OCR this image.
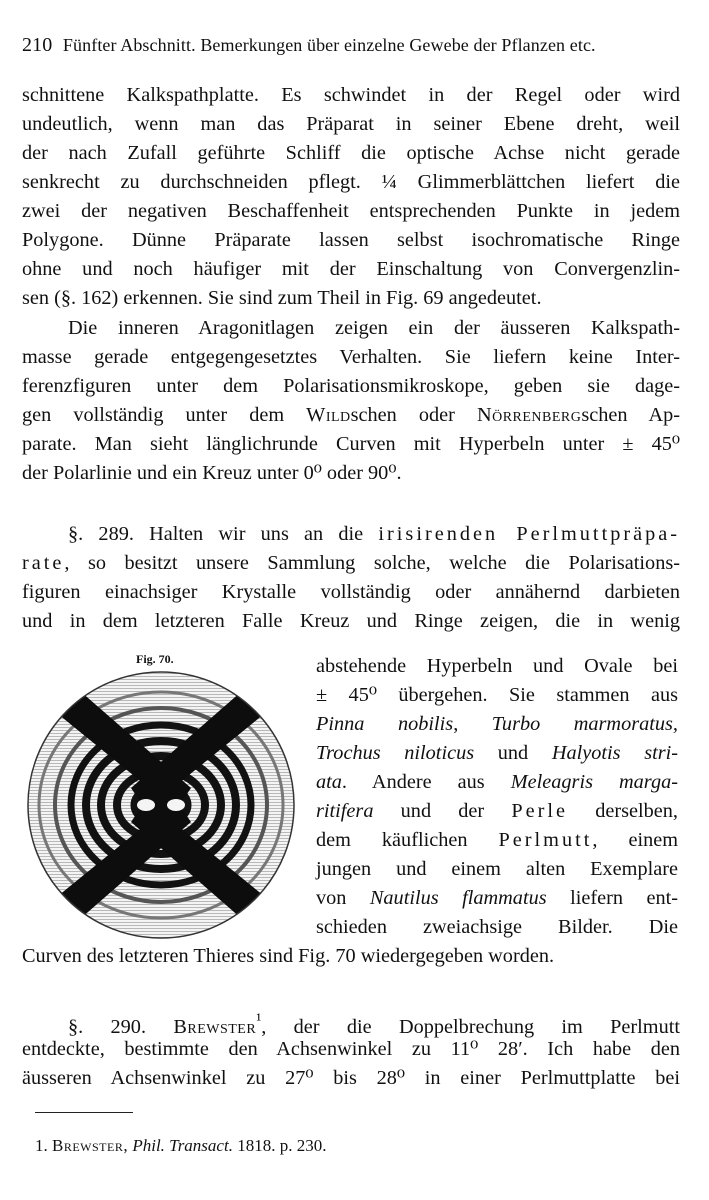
210 Fünfter Abschnitt. Bemerkungen über einzelne Gewebe der Pflanzen etc.
schnittene Kalkspathplatte. Es schwindet in der Regel oder wird
undeutlich, wenn man das Präparat in seiner Ebene dreht, weil
der nach Zufall geführte Schliff die optische Achse nicht gerade
senkrecht zu durchschneiden pflegt. ¼ Glimmerblättchen liefert die
zwei der negativen Beschaffenheit entsprechenden Punkte in jedem
Polygone. Dünne Präparate lassen selbst isochromatische Ringe
ohne und noch häufiger mit der Einschaltung von Convergenzlin-
sen (§. 162) erkennen. Sie sind zum Theil in Fig. 69 angedeutet.
Die inneren Aragonitlagen zeigen ein der äusseren Kalkspath-
masse gerade entgegengesetztes Verhalten. Sie liefern keine Inter-
ferenzfiguren unter dem Polarisationsmikroskope, geben sie dage-
gen vollständig unter dem Wildschen oder Nörrenbergschen Ap-
parate. Man sieht länglichrunde Curven mit Hyperbeln unter ± 45⁰
der Polarlinie und ein Kreuz unter 0⁰ oder 90⁰.
§. 289. Halten wir uns an die irisirenden Perlmuttpräpa-
rate, so besitzt unsere Sammlung solche, welche die Polarisations-
figuren einachsiger Krystalle vollständig oder annähernd darbieten
und in dem letzteren Falle Kreuz und Ringe zeigen, die in wenig
Fig. 70.	abstehende Hyperbeln und Ovale bei
± 45⁰ übergehen. Sie stammen aus
Pinna nobilis, Turbo marmoratus,
Trochus niloticus und Halyotis stri-
ata. Andere aus Meleagris marga-
ritifera und der Perle derselben,
dem käuflichen Perlmutt, einem
jungen und einem alten Exemplare
von Nautilus flammatus liefern ent-
schieden zweiachsige Bilder. Die
Curven des letzteren Thieres sind Fig. 70 wiedergegeben worden.
§. 290. Brewster$^{^1}$, der die Doppelbrechung im Perlmutt
entdeckte, bestimmte den Achsenwinkel zu 11⁰ 28′. Ich habe den
äusseren Achsenwinkel zu 27⁰ bis 28⁰ in einer Perlmuttplatte bei
1. Brewster, Phil. Transact. 1818. p. 230.
